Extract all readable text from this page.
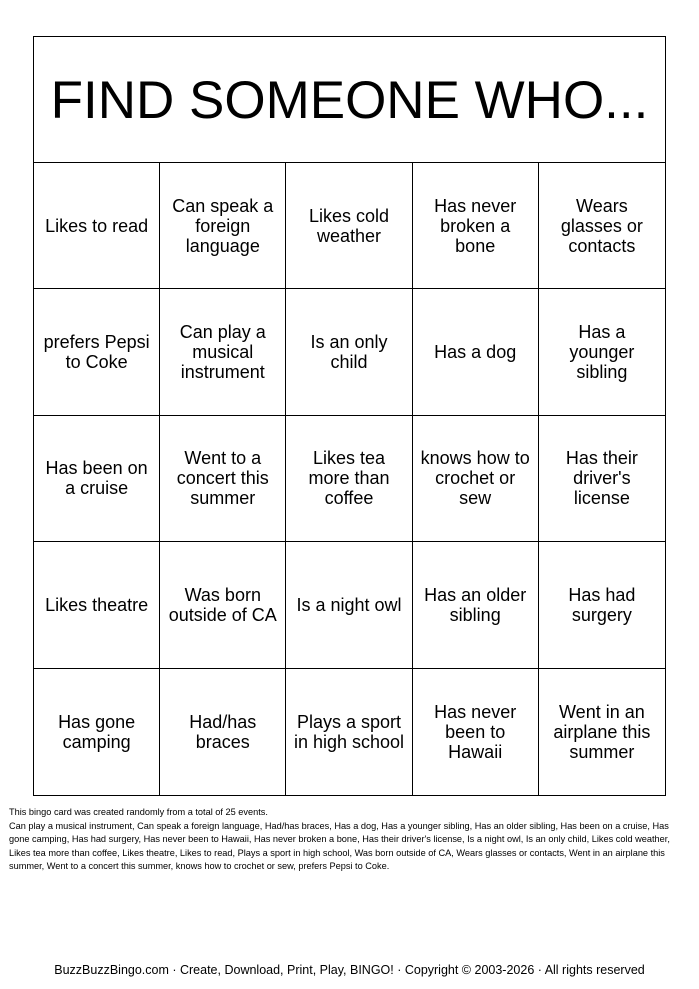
FIND SOMEONE WHO...
Likes to read
Can speak a
foreign
language
Likes cold
weather
Has never
broken a
bone
Wears
glasses or
contacts
prefers Pepsi
to Coke
Can play a
musical
instrument
Is an only
child	Has a dog
Has a
younger
sibling
Has been on
a cruise
Went to a
concert this
summer
Likes tea
more than
coffee
knows how to
crochet or
sew
Has their
driver's
license
Likes theatre	Was born
outside of CA Is a night owl Has an older
sibling
Has had
surgery
Has gone
camping
Had/has
braces
Plays a sport
in high school
Has never
been to
Hawaii
Went in an
airplane this
summer

This bingo card was created randomly from a total of 25 events.

Can play a musical instrument, Can speak a foreign language, Had/has braces, Has a dog, Has a younger sibling, Has an older sibling, Has been on a cruise, Has gone camping, Has had surgery, Has never been to Hawaii, Has never broken a bone, Has their driver's license, Is a night owl, Is an only child, Likes cold weather, Likes tea more than coffee, Likes theatre, Likes to read, Plays a sport in high school, Was born outside of CA, Wears glasses or contacts, Went in an airplane this summer, Went to a concert this summer, knows how to crochet or sew, prefers Pepsi to Coke.

BuzzBuzzBingo.com · Create, Download, Print, Play, BINGO! · Copyright © 2003-2026 · All rights reserved
